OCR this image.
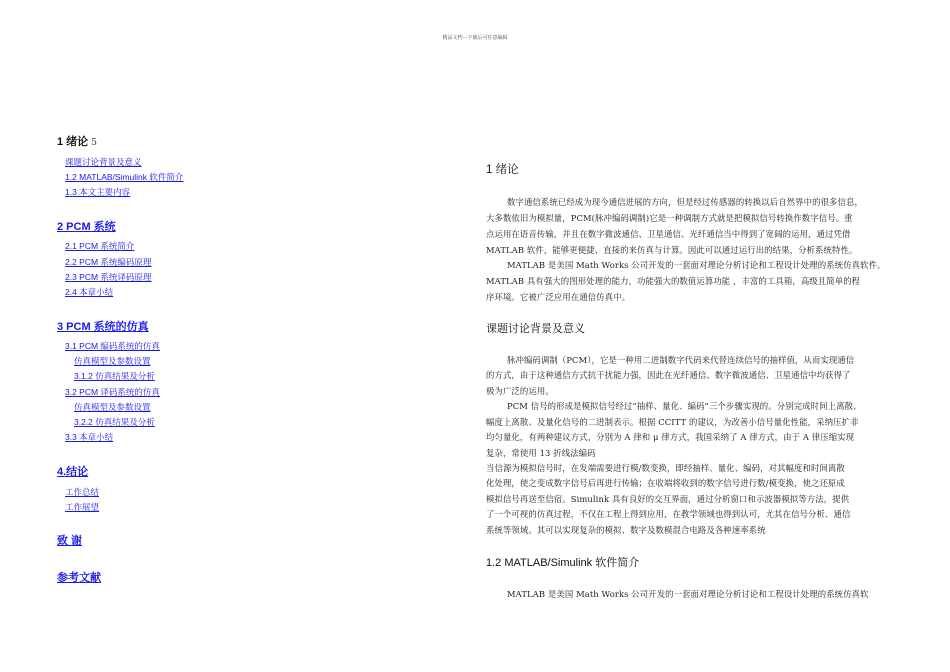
精品文档---下载后可任意编辑
1 绪论 5
课题讨论背景及意义
1.2 MATLAB/Simulink 软件简介
1.3 本文主要内容
2 PCM 系统
2.1 PCM 系统简介
2.2 PCM 系统编码原理
2.3 PCM 系统译码原理
2.4 本章小结
3 PCM 系统的仿真
3.1 PCM 编码系统的仿真
仿真模型及参数设置
3.1.2 仿真结果及分析
3.2 PCM 译码系统的仿真
仿真模型及参数设置
3.2.2 仿真结果及分析
3.3 本章小结
4.结论
工作总结
工作展望
致 谢
参考文献
1 绪论
数字通信系统已经成为现今通信进展的方向，但是经过传感器的转换以后自然界中的很多信息，
大多数依旧为模拟量，PCM(脉冲编码调制)它是一种调制方式就是把模拟信号转换作数字信号。重
点运用在语音传输，并且在数字微波通信、卫星通信、光纤通信当中得到了宽阔的运用，通过凭借
MATLAB 软件，能够更便捷、直接的来仿真与计算。因此可以通过运行出的结果，分析系统特性。
MATLAB 是美国 Math Works 公司开发的一套面对理论分析讨论和工程设计处理的系统仿真软件。
MATLAB 具有强大的图形处理的能力，功能强大的数值运算功能 ，丰富的工具箱，高级且简单的程
序环境。它被广泛应用在通信仿真中。
课题讨论背景及意义
脉冲编码调制（PCM），它是一种用二进制数字代码来代替连续信号的抽样值，从而实现通信
的方式，由于这种通信方式抗干扰能力强，因此在光纤通信、数字微波通信、卫星通信中均获得了
极为广泛的运用。
PCM 信号的形成是模拟信号经过“抽样、量化、编码”三个步骤实现的。分别完成时间上离散、
幅度上离散、及量化信号的二进制表示。根据 CCITT 的建议，为改善小信号量化性能，采纳压扩非
均匀量化，有两种建议方式，分别为 A 律和 μ 律方式，我国采纳了 A 律方式，由于 A 律压缩实现
复杂，常使用 13 折线法编码
当信源为模拟信号时，在发端需要进行模/数变换，即经抽样、量化、编码，对其幅度和时间离散
化处理，使之变成数字信号后再进行传输；在收端将收到的数字信号进行数/模变换，使之还原成
模拟信号再送至信宿。Simulink 具有良好的交互界面，通过分析窗口和示波器模拟等方法，提供
了一个可视的仿真过程，不仅在工程上得到应用，在教学领域也得到认可，尤其在信号分析、通信
系统等领域。其可以实现复杂的模拟、数字及数模混合电路及各种速率系统
1.2 MATLAB/Simulink 软件简介
MATLAB 是美国 Math Works 公司开发的一套面对理论分析讨论和工程设计处理的系统仿真软
